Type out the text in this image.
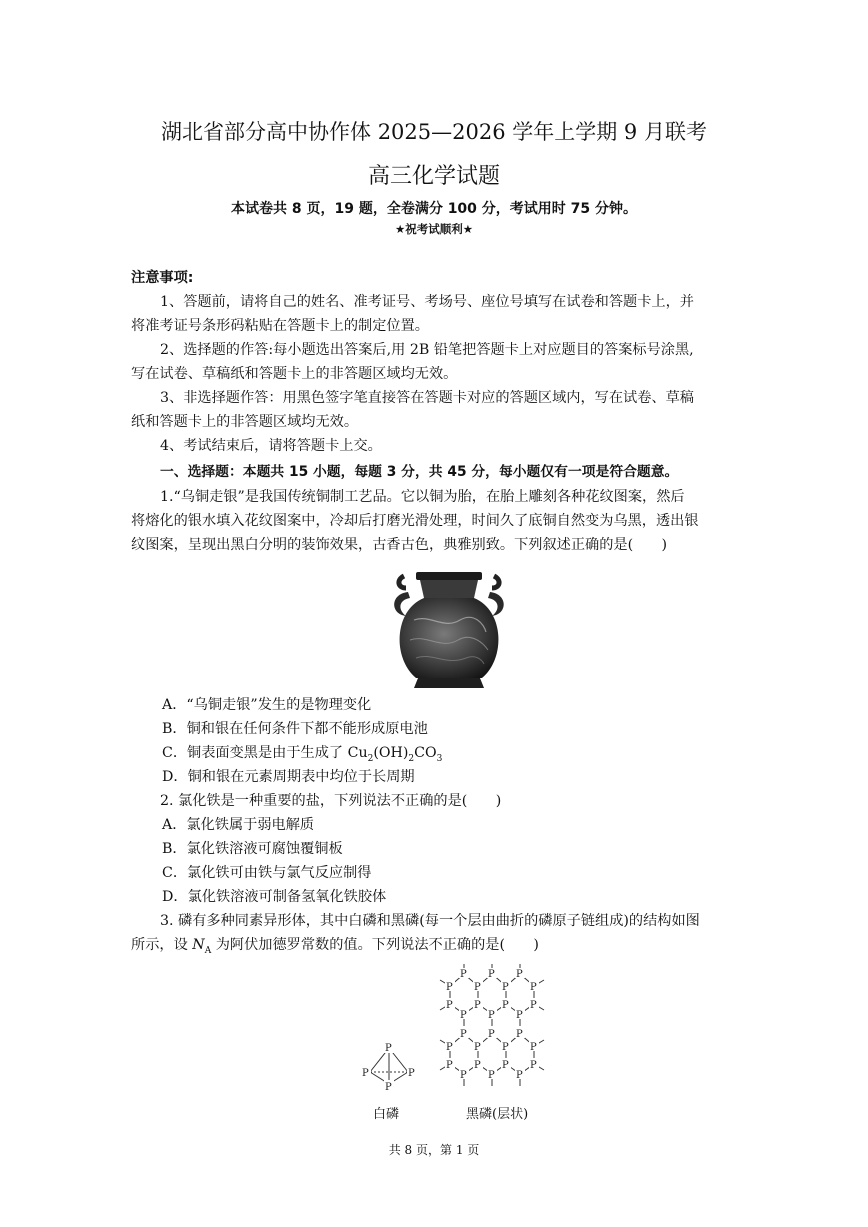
湖北省部分高中协作体 2025—2026 学年上学期 9 月联考
高三化学试题
本试卷共 8 页，19 题，全卷满分 100 分，考试用时 75 分钟。
★祝考试顺利★
注意事项:
1、答题前，请将自己的姓名、准考证号、考场号、座位号填写在试卷和答题卡上，并
将准考证号条形码粘贴在答题卡上的制定位置。
2、选择题的作答:每小题选出答案后,用 2B 铅笔把答题卡上对应题目的答案标号涂黑,
写在试卷、草稿纸和答题卡上的非答题区域均无效。
3、非选择题作答：用黑色签字笔直接答在答题卡对应的答题区域内，写在试卷、草稿
纸和答题卡上的非答题区域均无效。
4、考试结束后，请将答题卡上交。
一、选择题：本题共 15 小题，每题 3 分，共 45 分，每小题仅有一项是符合题意。
1.“乌铜走银”是我国传统铜制工艺品。它以铜为胎，在胎上雕刻各种花纹图案，然后
将熔化的银水填入花纹图案中，冷却后打磨光滑处理，时间久了底铜自然变为乌黑，透出银
纹图案，呈现出黑白分明的装饰效果，古香古色，典雅别致。下列叙述正确的是(　　)
A．“乌铜走银”发生的是物理变化
B．铜和银在任何条件下都不能形成原电池
C．铜表面变黑是由于生成了 $Cu_2(OH)_2CO_3$
D．铜和银在元素周期表中均位于长周期
2. 氯化铁是一种重要的盐，下列说法不正确的是(　　)
A．氯化铁属于弱电解质
B．氯化铁溶液可腐蚀覆铜板
C．氯化铁可由铁与氯气反应制得
D．氯化铁溶液可制备氢氧化铁胶体
3. 磷有多种同素异形体，其中白磷和黑磷(每一个层由曲折的磷原子链组成)的结构如图
所示，设 $N_A$ 为阿伏加德罗常数的值。下列说法不正确的是(　　)
P
P	P
P
白磷
P P P
P P P P
P P P P
P P P
P P P
P P P P
P P P P
P P P
黑磷(层状)
共 8 页，第 1 页
